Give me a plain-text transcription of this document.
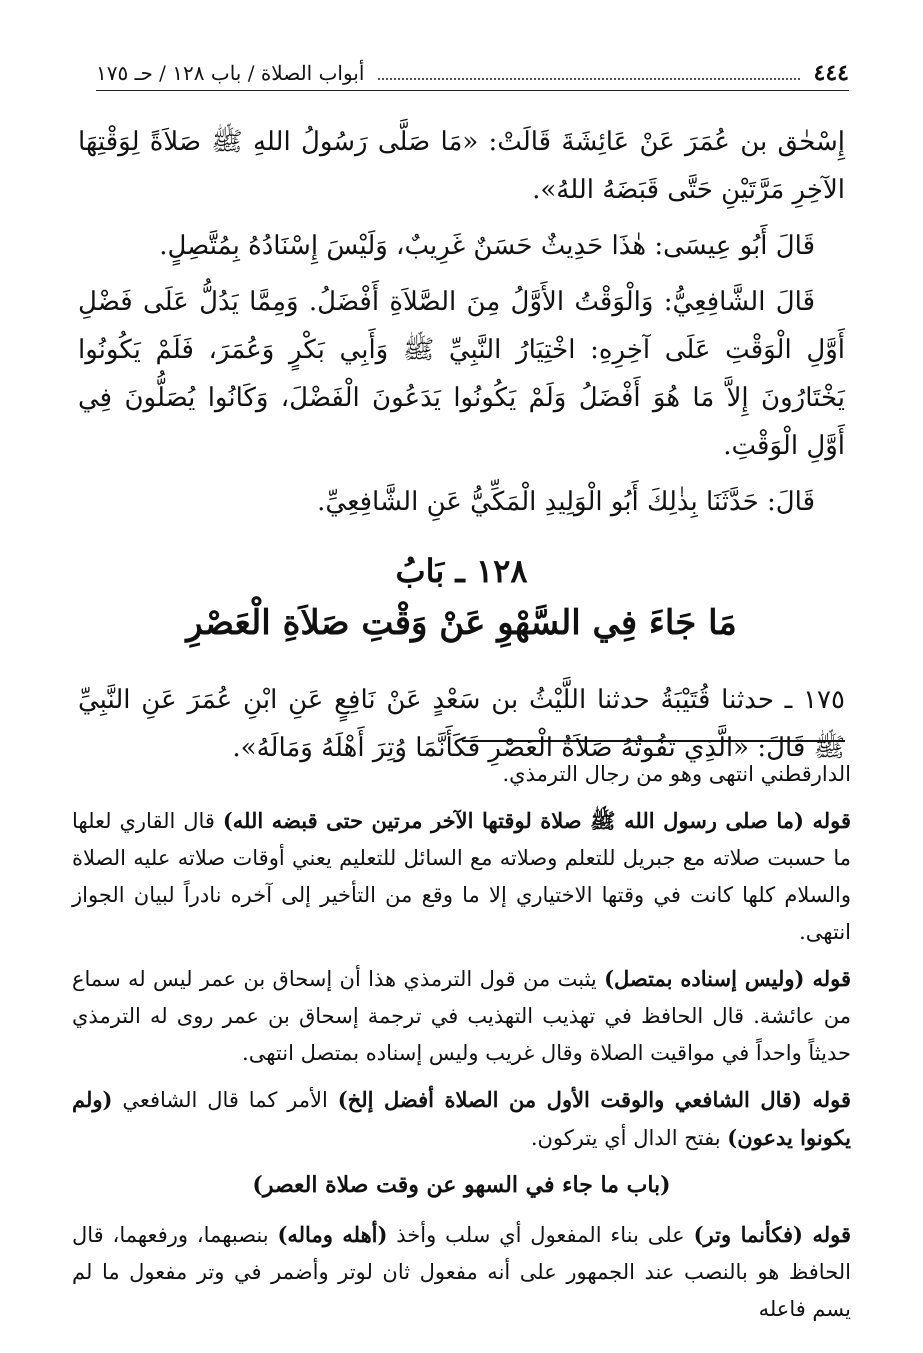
٤٤٤
أبواب الصلاة / باب ١٢٨ / حـ ١٧٥

إِسْحٰق بن عُمَرَ عَنْ عَائِشَةَ قَالَتْ: «مَا صَلَّى رَسُولُ اللهِ ﷺ صَلاَةً لِوَقْتِهَا الآخِرِ مَرَّتَيْنِ حَتَّى قَبَضَهُ اللهُ».

قَالَ أَبُو عِيسَى: هٰذَا حَدِيثٌ حَسَنٌ غَرِيبٌ، وَلَيْسَ إِسْنَادُهُ بِمُتَّصِلٍ.

قَالَ الشَّافِعِيُّ: وَالْوَقْتُ الأَوَّلُ مِنَ الصَّلاَةِ أَفْضَلُ. وَمِمَّا يَدُلُّ عَلَى فَضْلِ أَوَّلِ الْوَقْتِ عَلَى آخِرِهِ: اخْتِيَارُ النَّبِيِّ ﷺ وَأَبِي بَكْرٍ وَعُمَرَ، فَلَمْ يَكُونُوا يَخْتَارُونَ إِلاَّ مَا هُوَ أَفْضَلُ وَلَمْ يَكُونُوا يَدَعُونَ الْفَضْلَ، وَكَانُوا يُصَلُّونَ فِي أَوَّلِ الْوَقْتِ.

قَالَ: حَدَّثَنَا بِذٰلِكَ أَبُو الْوَلِيدِ الْمَكِّيُّ عَنِ الشَّافِعِيِّ.

١٢٨ ـ بَابُ
مَا جَاءَ فِي السَّهْوِ عَنْ وَقْتِ صَلاَةِ الْعَصْرِ

١٧٥ ـ حدثنا قُتَيْبَةُ حدثنا اللَّيْثُ بن سَعْدٍ عَنْ نَافِعٍ عَنِ ابْنِ عُمَرَ عَنِ النَّبِيِّ ﷺ قَالَ: «الَّذِي تَفُوتُهُ صَلاَةُ الْعَصْرِ فَكَأَنَّمَا وُتِرَ أَهْلَهُ وَمَالَهُ».

الدارقطني انتهى وهو من رجال الترمذي.

قوله (ما صلى رسول الله ﷺ صلاة لوقتها الآخر مرتين حتى قبضه الله) قال القاري لعلها ما حسبت صلاته مع جبريل للتعلم وصلاته مع السائل للتعليم يعني أوقات صلاته عليه الصلاة والسلام كلها كانت في وقتها الاختياري إلا ما وقع من التأخير إلى آخره نادراً لبيان الجواز انتهى.

قوله (وليس إسناده بمتصل) يثبت من قول الترمذي هذا أن إسحاق بن عمر ليس له سماع من عائشة. قال الحافظ في تهذيب التهذيب في ترجمة إسحاق بن عمر روى له الترمذي حديثاً واحداً في مواقيت الصلاة وقال غريب وليس إسناده بمتصل انتهى.

قوله (قال الشافعي والوقت الأول من الصلاة أفضل إلخ) الأمر كما قال الشافعي (ولم يكونوا يدعون) بفتح الدال أي يتركون.

(باب ما جاء في السهو عن وقت صلاة العصر)

قوله (فكأنما وتر) على بناء المفعول أي سلب وأخذ (أهله وماله) بنصبهما، ورفعهما، قال الحافظ هو بالنصب عند الجمهور على أنه مفعول ثان لوتر وأضمر في وتر مفعول ما لم يسم فاعله
